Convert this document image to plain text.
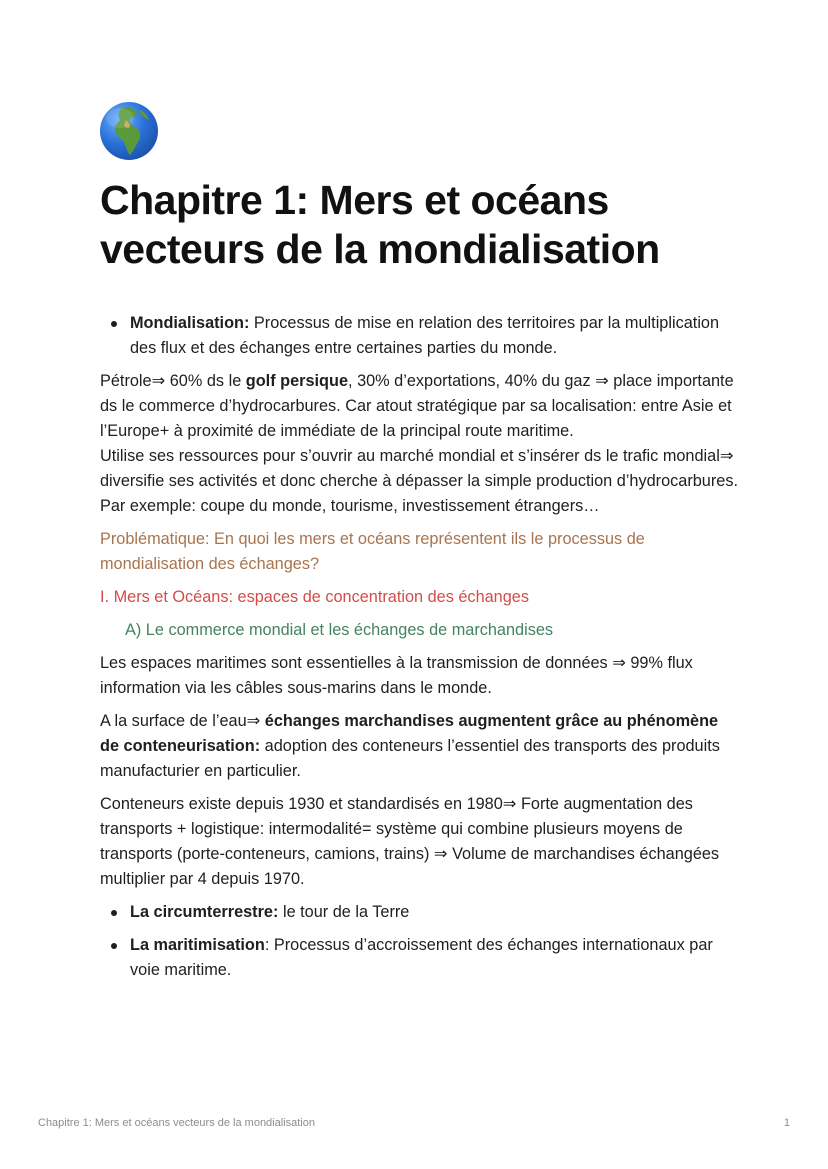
Chapitre 1: Mers et océans vecteurs de la mondialisation
Mondialisation: Processus de mise en relation des territoires par la multiplication des flux et des échanges entre certaines parties du monde.
Pétrole⇒ 60% ds le golf persique, 30% d’exportations, 40% du gaz ⇒ place importante ds le commerce d’hydrocarbures. Car atout stratégique par sa localisation: entre Asie et l’Europe+ à proximité de immédiate de la principal route maritime.
Utilise ses ressources pour s’ouvrir au marché mondial et s’insérer ds le trafic mondial⇒ diversifie ses activités et donc cherche à dépasser la simple production d’hydrocarbures. Par exemple: coupe du monde, tourisme, investissement étrangers…
Problématique: En quoi les mers et océans représentent ils le processus de mondialisation des échanges?
I. Mers et Océans: espaces de concentration des échanges
A) Le commerce mondial et les échanges de marchandises
Les espaces maritimes sont essentielles à la transmission de données ⇒ 99% flux information via les câbles sous-marins dans le monde.
A la surface de l’eau⇒ échanges marchandises augmentent grâce au phénomène de conteneurisation: adoption des conteneurs l’essentiel des transports des produits manufacturier en particulier.
Conteneurs existe depuis 1930 et standardisés en 1980⇒ Forte augmentation des transports + logistique: intermodalité= système qui combine plusieurs moyens de transports (porte-conteneurs, camions, trains) ⇒ Volume de marchandises échangées multiplier par 4 depuis 1970.
La circumterrestre: le tour de la Terre
La maritimisation: Processus d’accroissement des échanges internationaux par voie maritime.
Chapitre 1: Mers et océans vecteurs de la mondialisation	1
